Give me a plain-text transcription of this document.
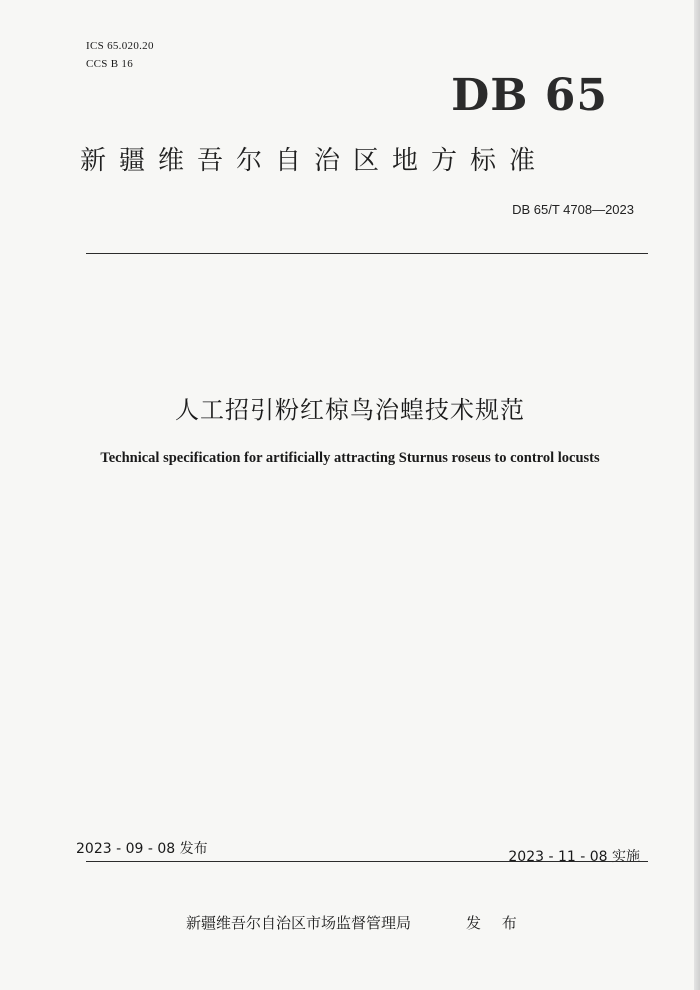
ICS 65.020.20
CCS B 16
DB 65
新疆维吾尔自治区地方标准
DB 65/T 4708—2023
人工招引粉红椋鸟治蝗技术规范
Technical specification for artificially attracting Sturnus roseus to control locusts
2023 - 09 - 08 发布	2023 - 11 - 08 实施
新疆维吾尔自治区市场监督管理局	发 布
